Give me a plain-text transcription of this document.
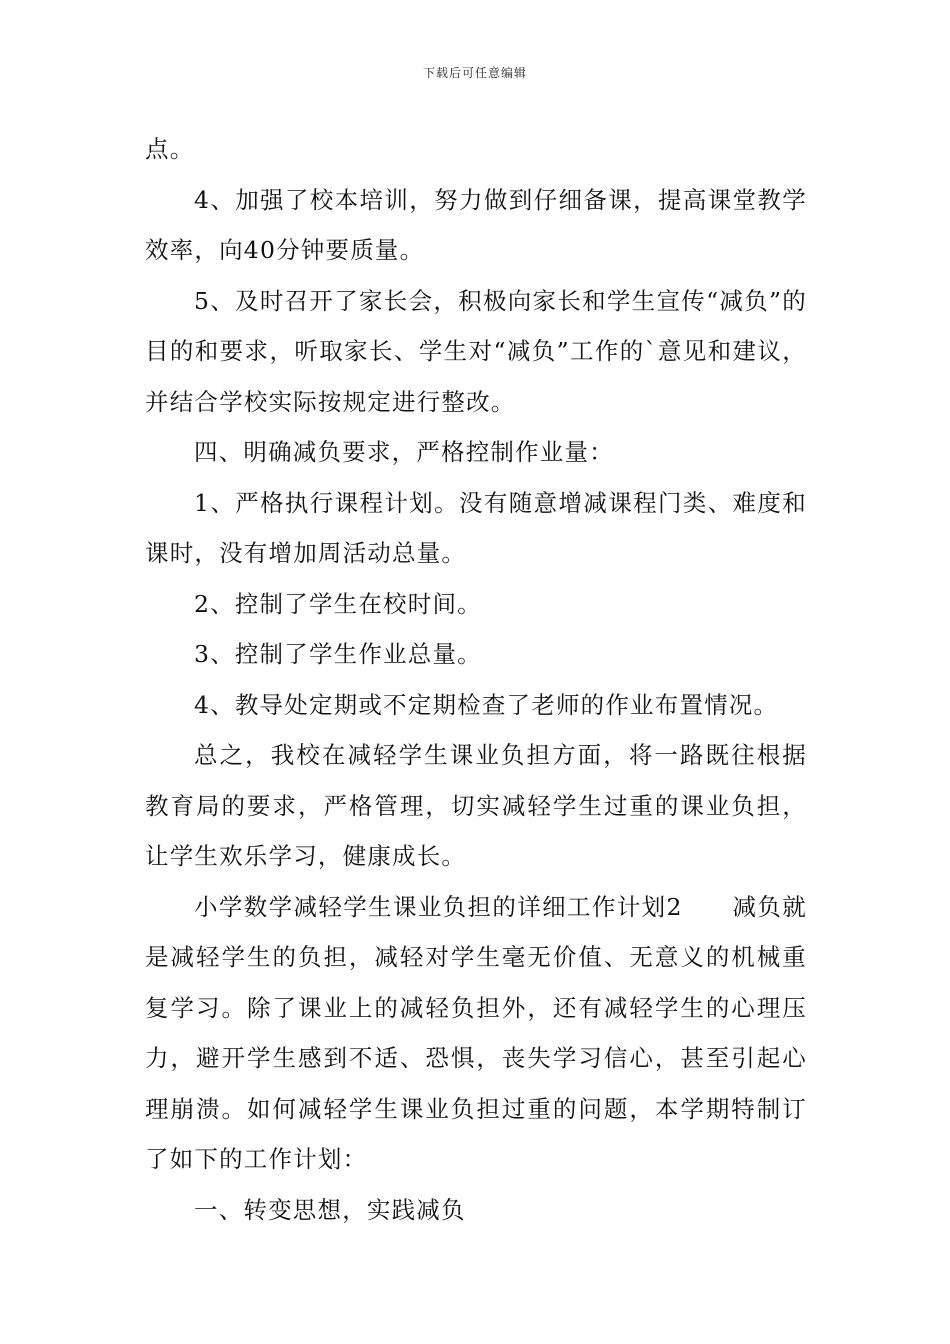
下载后可任意编辑

点。

4、加强了校本培训，努力做到仔细备课，提高课堂教学效率，向40分钟要质量。

5、及时召开了家长会，积极向家长和学生宣传“减负”的目的和要求，听取家长、学生对“减负”工作的`意见和建议，并结合学校实际按规定进行整改。

四、明确减负要求，严格控制作业量：

1、严格执行课程计划。没有随意增减课程门类、难度和课时，没有增加周活动总量。

2、控制了学生在校时间。

3、控制了学生作业总量。

4、教导处定期或不定期检查了老师的作业布置情况。

总之，我校在减轻学生课业负担方面，将一路既往根据教育局的要求，严格管理，切实减轻学生过重的课业负担，让学生欢乐学习，健康成长。

小学数学减轻学生课业负担的详细工作计划2　　减负就是减轻学生的负担，减轻对学生毫无价值、无意义的机械重复学习。除了课业上的减轻负担外，还有减轻学生的心理压力，避开学生感到不适、恐惧，丧失学习信心，甚至引起心理崩溃。如何减轻学生课业负担过重的问题，本学期特制订了如下的工作计划：

一、转变思想，实践减负
